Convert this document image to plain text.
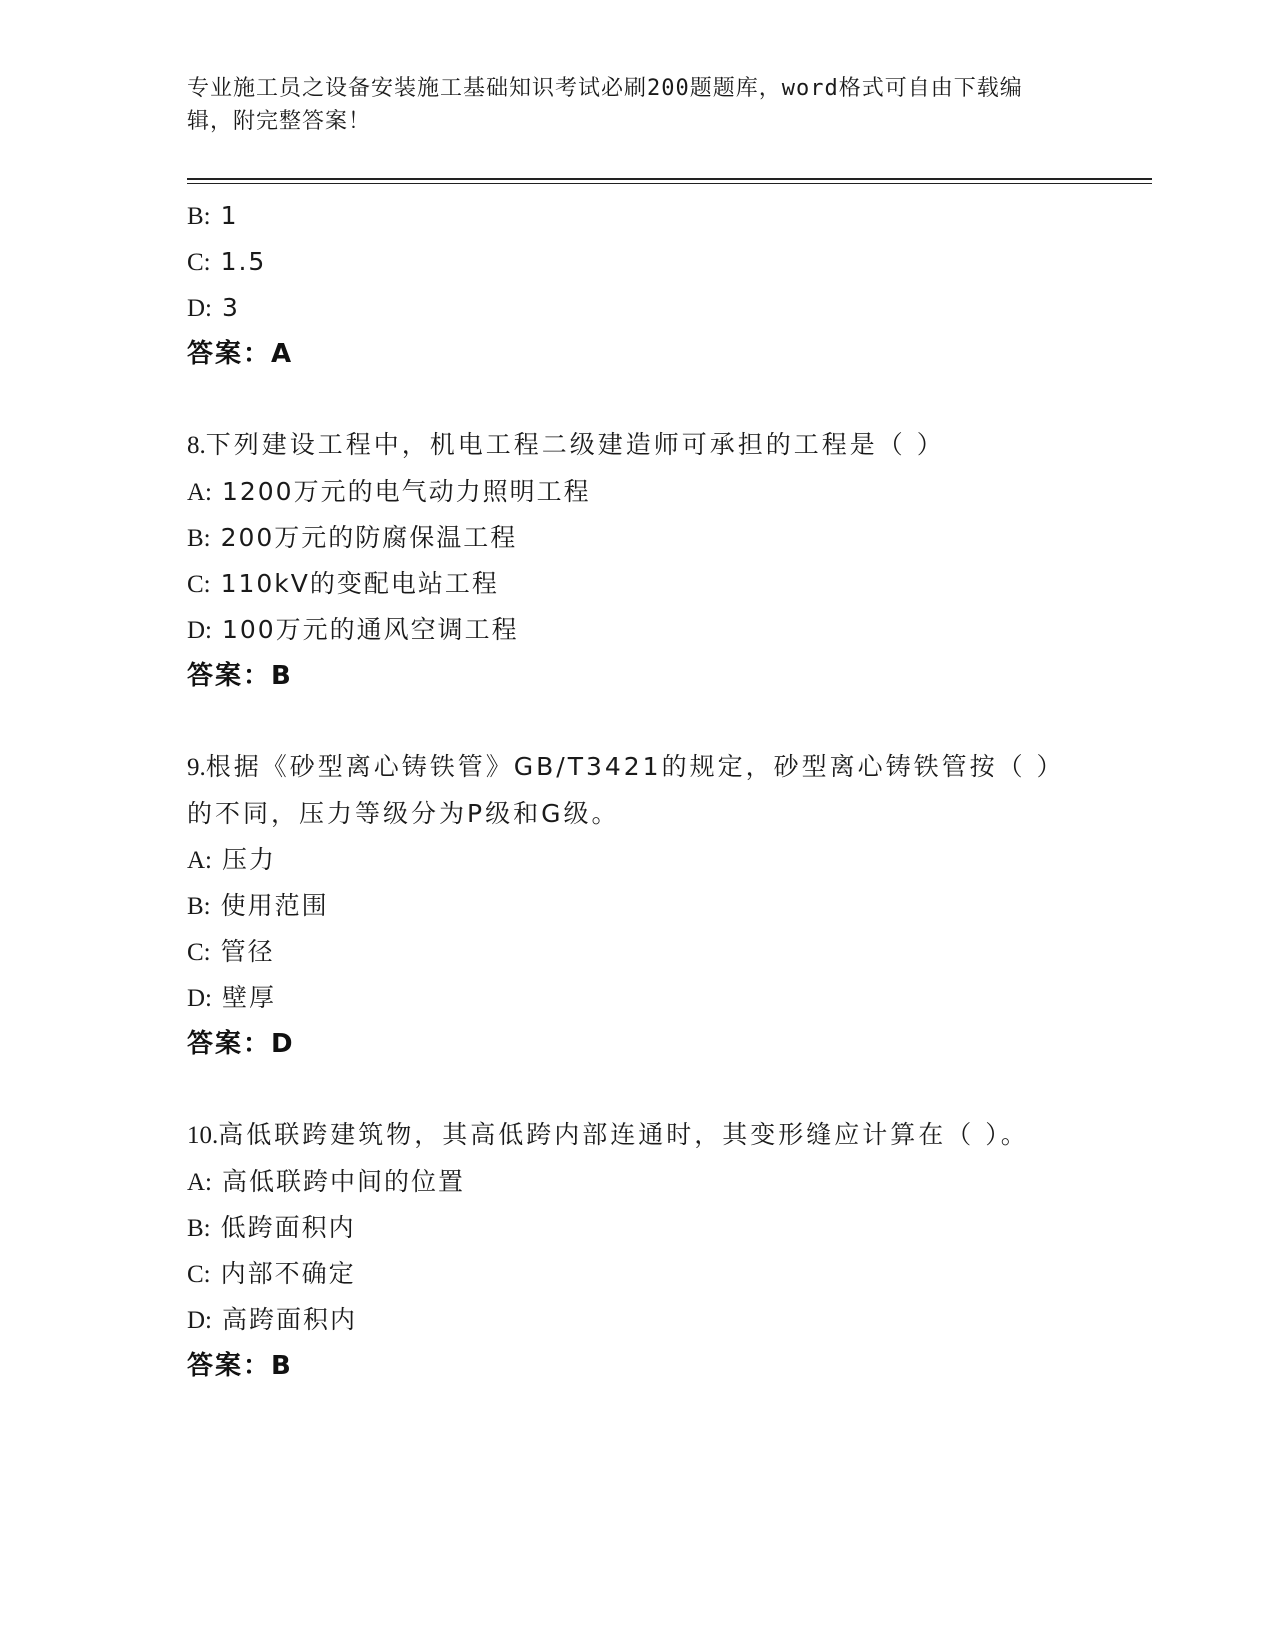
专业施工员之设备安装施工基础知识考试必刷200题题库，word格式可自由下载编辑，附完整答案！
B: 1
C: 1.5
D: 3
答案：A
8.下列建设工程中，机电工程二级建造师可承担的工程是（ ）
A: 1200万元的电气动力照明工程
B: 200万元的防腐保温工程
C: 110kV的变配电站工程
D: 100万元的通风空调工程
答案：B
9.根据《砂型离心铸铁管》GB/T3421的规定，砂型离心铸铁管按（ ）的不同，压力等级分为P级和G级。
A: 压力
B: 使用范围
C: 管径
D: 壁厚
答案：D
10.高低联跨建筑物，其高低跨内部连通时，其变形缝应计算在（ ）。
A: 高低联跨中间的位置
B: 低跨面积内
C: 内部不确定
D: 高跨面积内
答案：B
